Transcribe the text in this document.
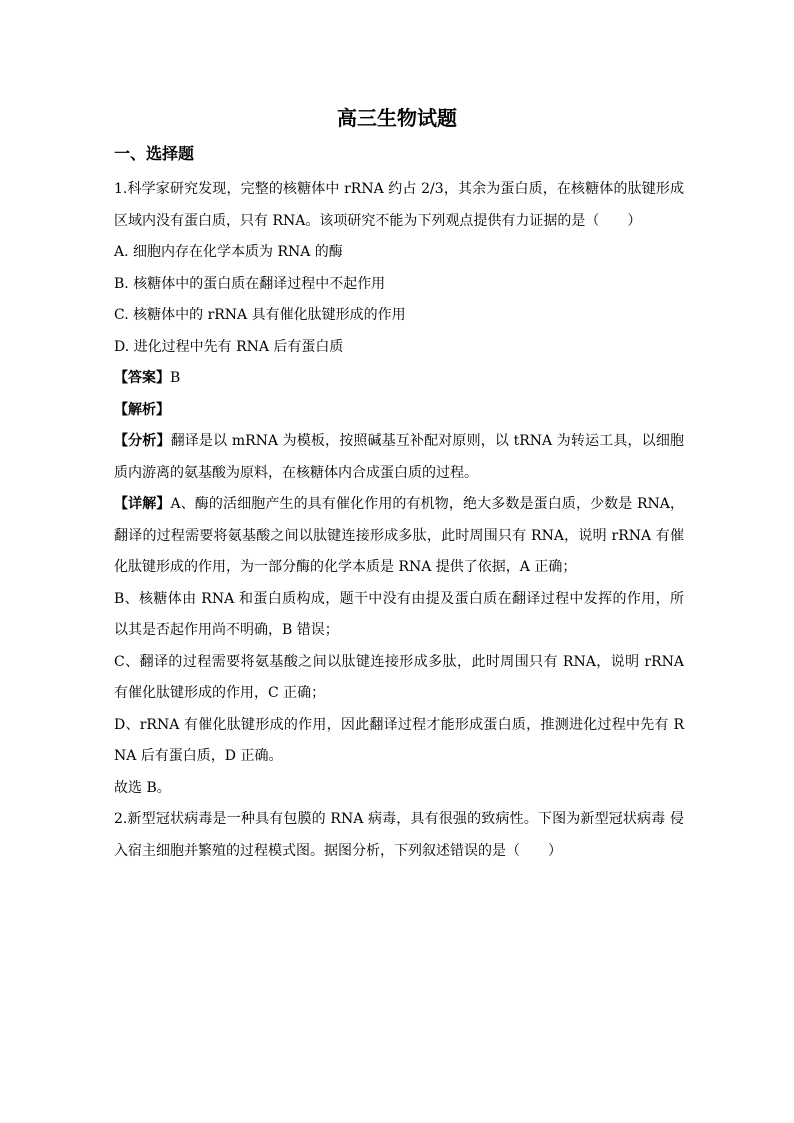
高三生物试题
一、选择题

1.科学家研究发现，完整的核糖体中 rRNA 约占 2/3，其余为蛋白质，在核糖体的肽键形成区域内没有蛋白质，只有 RNA。该项研究不能为下列观点提供有力证据的是（　　）

A. 细胞内存在化学本质为 RNA 的酶

B. 核糖体中的蛋白质在翻译过程中不起作用

C. 核糖体中的 rRNA 具有催化肽键形成的作用

D. 进化过程中先有 RNA 后有蛋白质

【答案】B

【解析】

【分析】翻译是以 mRNA 为模板，按照碱基互补配对原则，以 tRNA 为转运工具，以细胞质内游离的氨基酸为原料，在核糖体内合成蛋白质的过程。

【详解】A、酶的活细胞产生的具有催化作用的有机物，绝大多数是蛋白质，少数是 RNA，翻译的过程需要将氨基酸之间以肽键连接形成多肽，此时周围只有 RNA，说明 rRNA 有催化肽键形成的作用，为一部分酶的化学本质是 RNA 提供了依据，A 正确；

B、核糖体由 RNA 和蛋白质构成，题干中没有由提及蛋白质在翻译过程中发挥的作用，所以其是否起作用尚不明确，B 错误；

C、翻译的过程需要将氨基酸之间以肽键连接形成多肽，此时周围只有 RNA，说明 rRNA 有催化肽键形成的作用，C 正确；

D、rRNA 有催化肽键形成的作用，因此翻译过程才能形成蛋白质，推测进化过程中先有 RNA 后有蛋白质，D 正确。

故选 B。

2.新型冠状病毒是一种具有包膜的 RNA 病毒，具有很强的致病性。下图为新型冠状病毒 侵入宿主细胞并繁殖的过程模式图。据图分析，下列叙述错误的是（　　）
